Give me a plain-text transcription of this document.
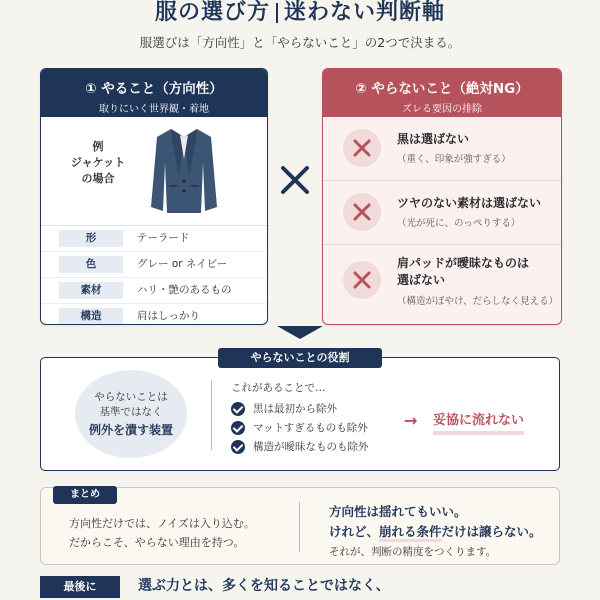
服の選び方 迷わない判断軸
服選びは「方向性」と「やらないこと」の2つで決まる。
① やること（方向性）
取りにいく世界観・着地
例
ジャケット
の場合
形	テーラード
色	グレー or ネイビー
素材	ハリ・艶のあるもの
構造	肩はしっかり
② やらないこと（絶対NG）
ズレる要因の排除
黒は選ばない
（重く、印象が強すぎる）
ツヤのない素材は選ばない
（光が死に、のっぺりする）
肩パッドが曖昧なものは
選ばない
（構造がぼやけ、だらしなく見える）
やらないことは
基準ではなく
例外を潰す装置
これがあることで…
黒は最初から除外
マットすぎるものも除外
構造が曖昧なものも除外
→ 妥協に流れない
やらないことの役割
まとめ
方向性だけでは、ノイズは入り込む。
だからこそ、やらない理由を持つ。
方向性は揺れてもいい。
けれど、崩れる条件だけは譲らない。
それが、判断の精度をつくります。
最後に	選ぶ力とは、多くを知ることではなく、
